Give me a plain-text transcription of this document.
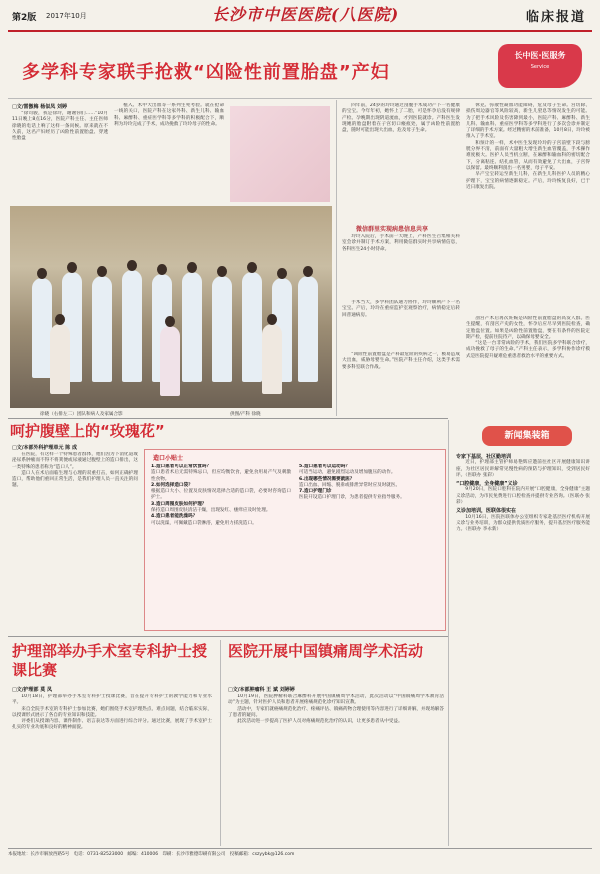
第2版 2017年10月	长沙市中医医院(八医院)	临床报道
多学科专家联手抢救“凶险性前置胎盘”产妇
长中医·医服务
Service
□文/雷傲梅 杨似凤 刘婷

“徐司骏，我是徐玲，谢谢你们……”10月11日晚上8点16分，医院产科主任、主任医师徐晓的电话上响了这样一条问候。原来就在不久前，这名产妇经历了凶险性前置胎盘、穿透性胎盘

植入、术中大出血等一系列生死考验。就在抢命一线的关口，医院产科在这家外科、新生儿科、输血科、麻醉科、重症医学科等多学科的积极配合下，顺利为玲玲完成了手术，成功挽救了玲玲母子的性命。

徐晓（右排左二）团队和病人及家属合影	供图/产科 徐晓

四年前，24岁的玲玲通过剖腹手术成功产下一名健康的宝宝。今年年初，她怀上了二胎，可是怀孕后没有规律产检。孕晚期出现阴道流血，才到医院就诊。产科医生发现她的胎盘附着在子宫切口瘢痕处，属于凶险性前置胎盘，随时可能出现大出血，危及母子生命。

微信群里实现病患信息共享

玲玲入院后，手术前一天晚上，产科医生召集相关科室会诊并制订手术方案，利用微信群实时共享病情信息，各科医生24小时待命。

手术当天，多学科团队通力协作，玲玲顺利产下一名宝宝。产后，玲玲在重症监护室观察治疗，病情稳定后转回普通病房。

“凶险性前置胎盘是产科最危险的疾病之一，极易造成大出血，威胁母婴生命。”医院产科主任介绍，这类手术需要多科室联合作战。

休克、弥散性凝血功能障碍，危及母子生命。宫切除、损伤周边器官等风险较高，新生儿窒息等情况发生的可能。为了把手术风险及伤害降到最小，医院产科、麻醉科、新生儿科、输血科、重症医学科等多学科进行了多次会诊并制定了详细的手术方案。经过精密的术前准备，10月8日，玲玲被推入了手术室。

和预计的一样，术中医生发现玲玲的子宫前壁下段与膀胱分界不清，前面有大量粗大增生新生血管覆盖，手术操作难度极大。医护人员当机立断，在麻醉和输血科的密切配合下，分离粘连、结扎血管，从而有效避免了大出血，子宫得以保留。最终顺利剖出一名男婴，母子平安。

早产宝宝转运至新生儿科，在新生儿科医护人员的精心护理下，宝宝的病情逐渐稳定。产后，玲玲恢复良好，已于近日康复出院。

剖宫产术后再次妊娠是凶险性前置胎盘的高发人群。医生提醒，有剖宫产史的女性，怀孕后应尽早到医院检查，确定胎盘位置。如果是凶险性前置胎盘，要在有条件的医院定期产检，提前住院待产，以确保母婴安全。

“这是一台非常凶险的手术，我们医院多学科联合诊疗，成功挽救了母子的生命。”产科主任表示，多学科协作诊疗模式是医院提升疑难危重患者救治水平的重要方式。

呵护腹壁上的“玫瑰花”
□文/本部外科护理单元 陈 成

在医院，有这样一个特殊患者群体，他们因为下消化道或泌尿系肿瘤而不得不将粪便或尿液通过腹壁上的造口排出，这一类特殊的患者称为“造口人”。

造口人在术后面临生理与心理的双重打击，如何正确护理造口，帮助他们重回正常生活，是我们护理人员一直关注的问题。

造口小贴士
1.造口患者可以正常饮食吗？
造口患者术后无需特殊忌口，但应均衡饮食，避免食用易产气及刺激性食物。
2.如何选择造口袋？
根据造口大小、位置及皮肤情况选择合适的造口袋，必要时咨询造口护士。
3.造口周围皮肤如何护理？
保持造口周围皮肤清洁干燥，出现发红、瘙痒应及时处理。
4.造口患者能洗澡吗？
可以洗澡，可佩戴造口袋淋浴，避免用力搓洗造口。
5.造口患者可以运动吗？
可适当运动，避免剧烈运动及增加腹压的动作。
6.出现哪些情况需要就医？
造口出血、回缩、脱垂或排泄异常时应及时就医。
7.造口护理门诊
医院开设造口护理门诊，为患者提供专业指导服务。
护理部举办手术室专科护士授课比赛
□文/护理部 莫 凤

10月18日，护理部举办手术室专科护士授课比赛，旨在提升专科护士的教学能力和专业水平。

来自全院手术室的专科护士参加比赛，她们围绕手术室护理热点、难点问题，结合临床实际，以授课形式展示了各自的专业知识和技能。

评委们从授课内容、课件制作、语言表达等方面进行综合评分。通过比赛，展现了手术室护士扎实的专业功底和良好的精神面貌。

医院开展中国镇痛周学术活动
□文/本部肿瘤科 王 斌 刘婷婷

10月19日，医院肿瘤科联合麻醉科开展中国镇痛周学术活动，此次活动以“中国镇痛周学术教育活动”为主题，针对医护人员和患者开展疼痛规范化诊疗知识宣教。

活动中，专家们就癌痛规范化治疗、疼痛评估、镇痛药物合理使用等内容进行了详细讲解，并现场解答了患者的疑问。

此次活动进一步提高了医护人员对疼痛规范化治疗的认识，让更多患者从中受益。

新闻集装箱
专家下基层，社区勤培训

近日，护理部主管护师易艳辉应邀前往社区开展健康知识讲座，为社区居民讲解常见慢性病的预防与护理知识，受到居民好评。（医联办 张彩）

“口腔健康，全身健康”义诊

9月20日，医院口腔科在院内开展“口腔健康，全身健康”主题义诊活动，为市民免费进行口腔检查并提供专业咨询。（医联办 张彩）

义诊加培训，医联体很实在

10月16日，医院医联体办公室组织专家赴基层医疗机构开展义诊与业务培训，为群众提供优质医疗服务，提升基层医疗服务能力。（医联办 李永新）

本报地址：长沙市解放西路5号 电话：0731-82523000 邮编：410006 印刷：长沙市雅德印刷有限公司 投稿邮箱：cszyybk@126.com
